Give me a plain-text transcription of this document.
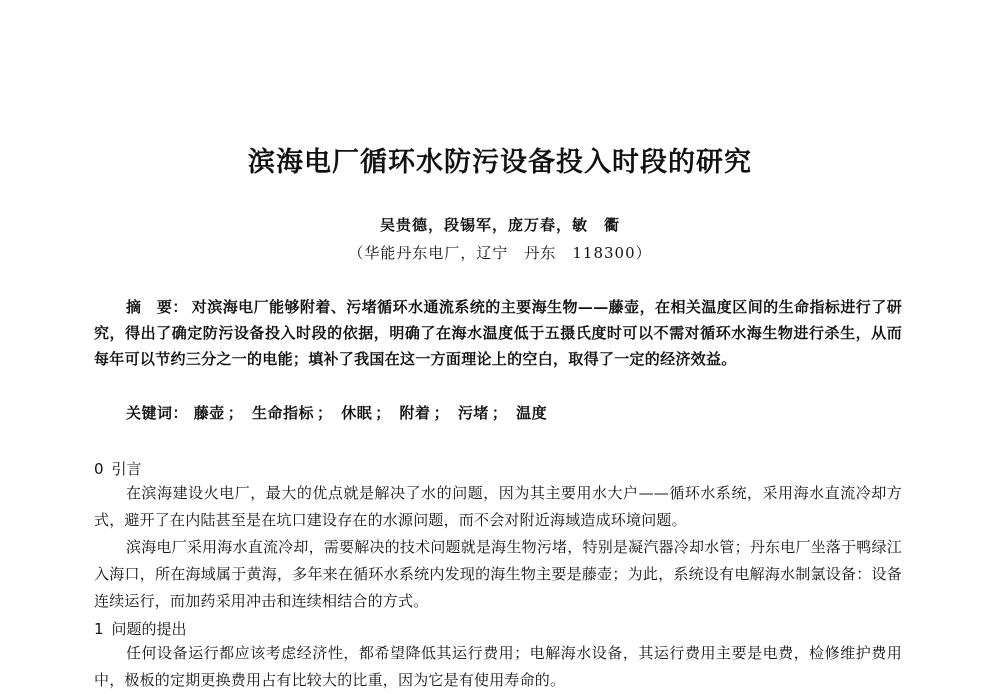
滨海电厂循环水防污设备投入时段的研究
吴贵德，段锡军，庞万春，敏　衢
（华能丹东电厂，辽宁　丹东　118300）
摘　要： 对滨海电厂能够附着、污堵循环水通流系统的主要海生物——藤壶，在相关温度区间的生命指标进行了研究，得出了确定防污设备投入时段的依据，明确了在海水温度低于五摄氏度时可以不需对循环水海生物进行杀生，从而每年可以节约三分之一的电能；填补了我国在这一方面理论上的空白，取得了一定的经济效益。
关键词： 藤壶 ； 生命指标 ； 休眠 ； 附着 ； 污堵 ； 温度
0 引言
在滨海建设火电厂，最大的优点就是解决了水的问题，因为其主要用水大户——循环水系统，采用海水直流冷却方式，避开了在内陆甚至是在坑口建设存在的水源问题，而不会对附近海域造成环境问题。
滨海电厂采用海水直流冷却，需要解决的技术问题就是海生物污堵，特别是凝汽器冷却水管；丹东电厂坐落于鸭绿江入海口，所在海域属于黄海，多年来在循环水系统内发现的海生物主要是藤壶；为此，系统设有电解海水制氯设备：设备连续运行，而加药采用冲击和连续相结合的方式。
1 问题的提出
任何设备运行都应该考虑经济性，都希望降低其运行费用；电解海水设备，其运行费用主要是电费，检修维护费用中，极板的定期更换费用占有比较大的比重，因为它是有使用寿命的。
